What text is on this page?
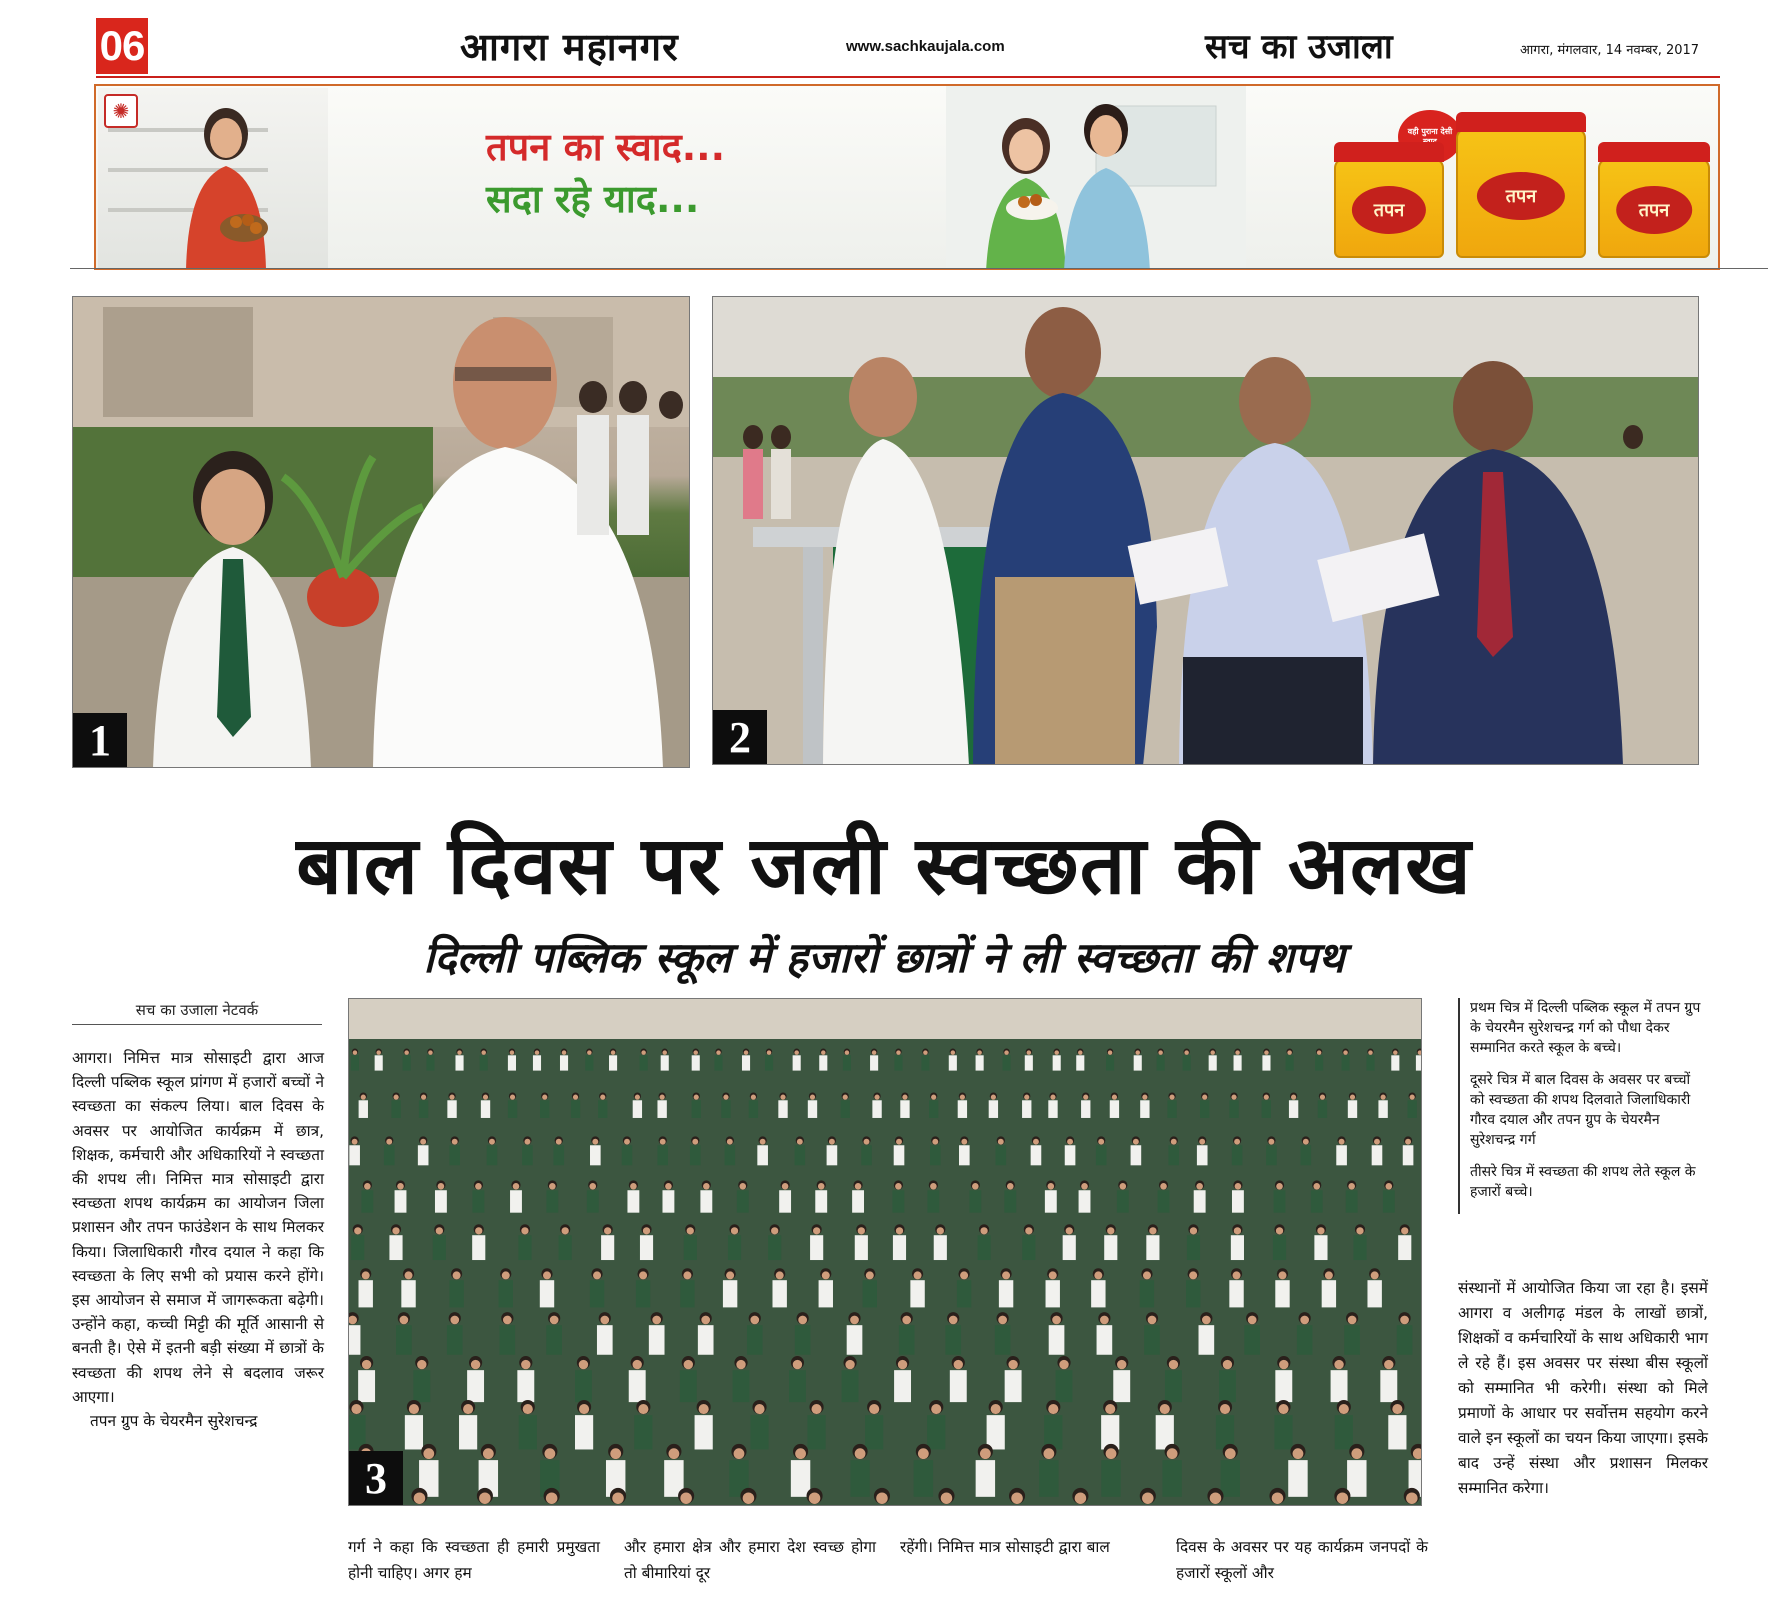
06	आगरा महानगर	www.sachkaujala.com	सच का उजाला	आगरा, मंगलवार, 14 नवम्बर, 2017
✺
तपन का स्वाद...
सदा रहे याद...
वही पुराना देसी
तपन
तपन
तपन
1	2
बाल दिवस पर जली स्वच्छता की अलख
दिल्ली पब्लिक स्कूल में हजारों छात्रों ने ली स्वच्छता की शपथ
सच का उजाला नेटवर्क
आगरा। निमित्त मात्र सोसाइटी द्वारा आज दिल्ली पब्लिक स्कूल प्रांगण में हजारों बच्चों ने स्वच्छता का संकल्प लिया। बाल दिवस के अवसर पर आयोजित कार्यक्रम में छात्र, शिक्षक, कर्मचारी और अधिकारियों ने स्वच्छता की शपथ ली। निमित्त मात्र सोसाइटी द्वारा स्वच्छता शपथ कार्यक्रम का आयोजन जिला प्रशासन और तपन फाउंडेशन के साथ मिलकर किया। जिलाधिकारी गौरव दयाल ने कहा कि स्वच्छता के लिए सभी को प्रयास करने होंगे। इस आयोजन से समाज में जागरूकता बढ़ेगी। उन्होंने कहा, कच्ची मिट्टी की मूर्ति आसानी से बनती है। ऐसे में इतनी बड़ी संख्या में छात्रों के स्वच्छता की शपथ लेने से बदलाव जरूर आएगा।
तपन ग्रुप के चेयरमैन सुरेशचन्द्र
3

प्रथम चित्र में दिल्ली पब्लिक स्कूल में तपन ग्रुप के चेयरमैन सुरेशचन्द्र गर्ग को पौधा देकर सम्मानित करते स्कूल के बच्चे।

दूसरे चित्र में बाल दिवस के अवसर पर बच्चों को स्वच्छता की शपथ दिलवाते जिलाधिकारी गौरव दयाल और तपन ग्रुप के चेयरमैन सुरेशचन्द्र गर्ग

तीसरे चित्र में स्वच्छता की शपथ लेते स्कूल के हजारों बच्चे।

संस्थानों में आयोजित किया जा रहा है। इसमें आगरा व अलीगढ़ मंडल के लाखों छात्रों, शिक्षकों व कर्मचारियों के साथ अधिकारी भाग ले रहे हैं। इस अवसर पर संस्था बीस स्कूलों को सम्मानित भी करेगी। संस्था को मिले प्रमाणों के आधार पर सर्वोत्तम सहयोग करने वाले इन स्कूलों का चयन किया जाएगा। इसके बाद उन्हें संस्था और प्रशासन मिलकर सम्मानित करेगा।
गर्ग ने कहा कि स्वच्छता ही हमारी प्रमुखता होनी चाहिए। अगर हम
और हमारा क्षेत्र और हमारा देश स्वच्छ होगा तो बीमारियां दूर
रहेंगी। निमित्त मात्र सोसाइटी द्वारा बाल	दिवस के अवसर पर यह कार्यक्रम जनपदों के हजारों स्कूलों और
